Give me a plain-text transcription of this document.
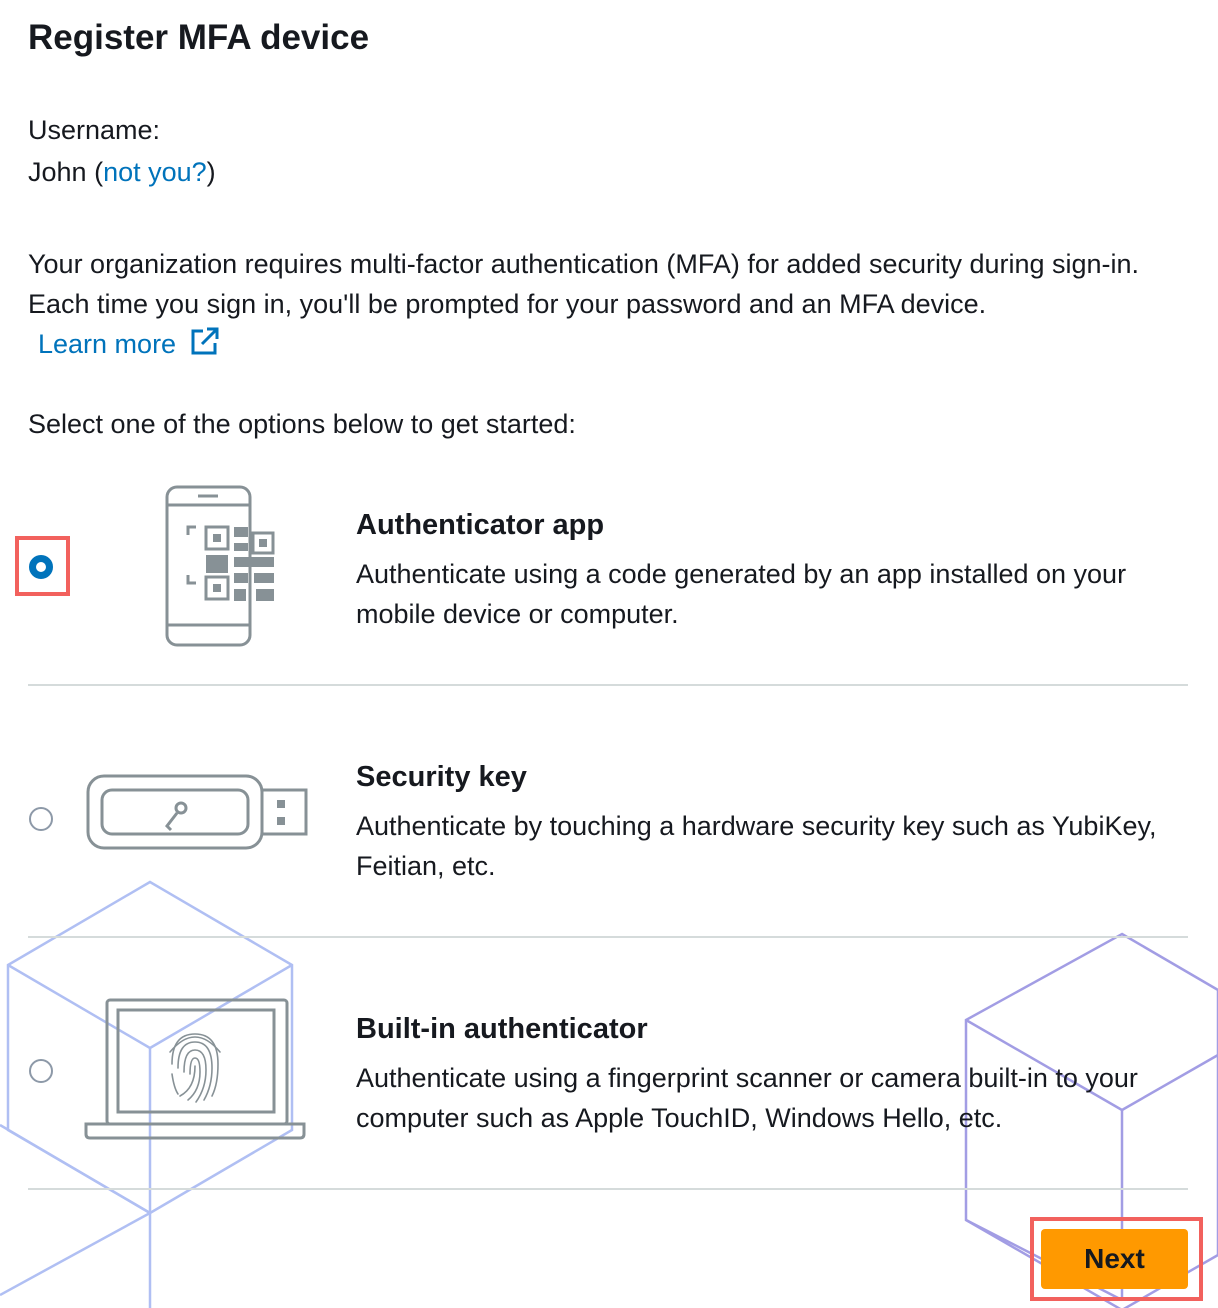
Register MFA device
Username:
John (not you?)
Your organization requires multi-factor authentication (MFA) for added security during sign-in. Each time you sign in, you'll be prompted for your password and an MFA device.
Learn more
Select one of the options below to get started:
Authenticator app
Authenticate using a code generated by an app installed on your mobile device or computer.
Security key
Authenticate by touching a hardware security key such as YubiKey, Feitian, etc.
Built-in authenticator
Authenticate using a fingerprint scanner or camera built-in to your computer such as Apple TouchID, Windows Hello, etc.
Next
